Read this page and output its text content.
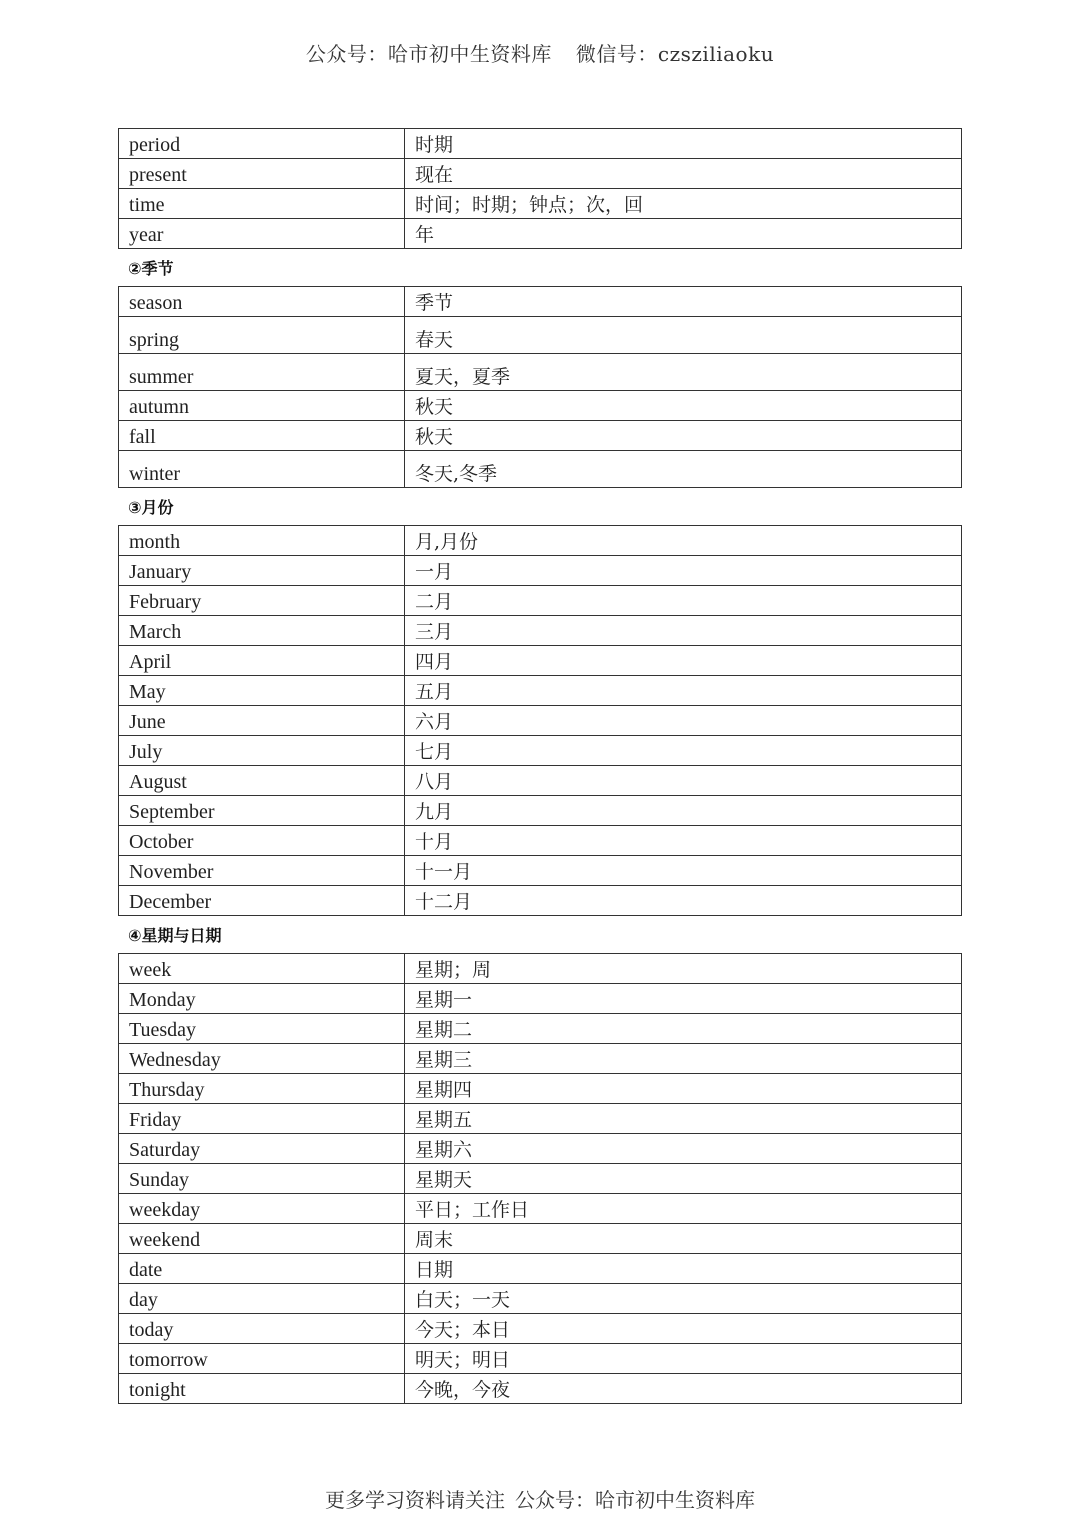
公众号：哈市初中生资料库 微信号：czsziliaoku
period	时期
present	现在
time	时间；时期；钟点；次，回
year	年
②季节
season	季节
spring	春天
summer	夏天，夏季
autumn	秋天
fall	秋天
winter	冬天,冬季
③月份
month	月,月份
January	一月
February	二月
March	三月
April	四月
May	五月
June	六月
July	七月
August	八月
September	九月
October	十月
November	十一月
December	十二月
④星期与日期
week	星期；周
Monday	星期一
Tuesday	星期二
Wednesday	星期三
Thursday	星期四
Friday	星期五
Saturday	星期六
Sunday	星期天
weekday	平日；工作日
weekend	周末
date	日期
day	白天；一天
today	今天；本日
tomorrow	明天；明日
tonight	今晚，今夜
更多学习资料请关注 公众号：哈市初中生资料库
